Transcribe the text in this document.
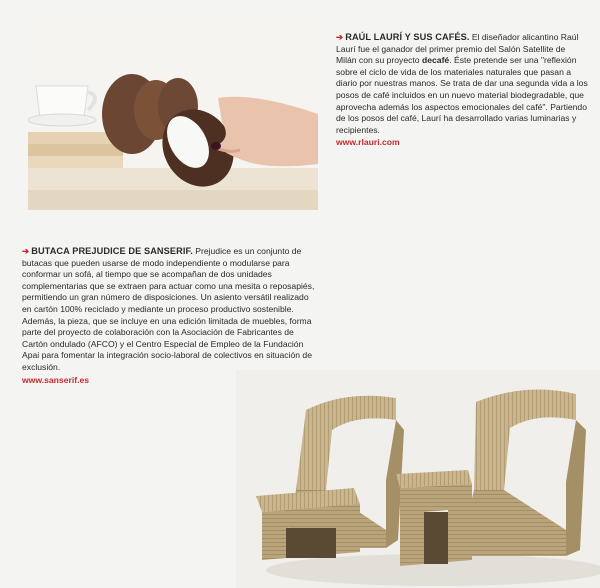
➔ RAÚL LAURÍ Y SUS CAFÉS. El diseñador alicantino Raúl Laurí fue el ganador del primer premio del Salón Satellite de Milán con su proyecto decafé. Éste pretende ser una "reflexión sobre el ciclo de vida de los materiales naturales que pasan a diario por nuestras manos. Se trata de dar una segunda vida a los posos de café incluidos en un nuevo material biodegradable, que aprovecha además los aspectos emocionales del café". Partiendo de los posos del café, Laurí ha desarrollado varias luminarias y recipientes.
www.rlauri.com
➔ BUTACA PREJUDICE DE SANSERIF. Prejudice es un conjunto de butacas que pueden usarse de modo independiente o modularse para conformar un sofá, al tiempo que se acompañan de dos unidades complementarias que se extraen para actuar como una mesita o reposapiés, permitiendo un gran número de disposiciones. Un asiento versátil realizado en cartón 100% reciclado y mediante un proceso productivo sostenible. Además, la pieza, que se incluye en una edición limitada de muebles, forma parte del proyecto de colaboración con la Asociación de Fabricantes de Cartón ondulado (AFCO) y el Centro Especial de Empleo de la Fundación Apai para fomentar la integración socio-laboral de colectivos en situación de exclusión.
www.sanserif.es
